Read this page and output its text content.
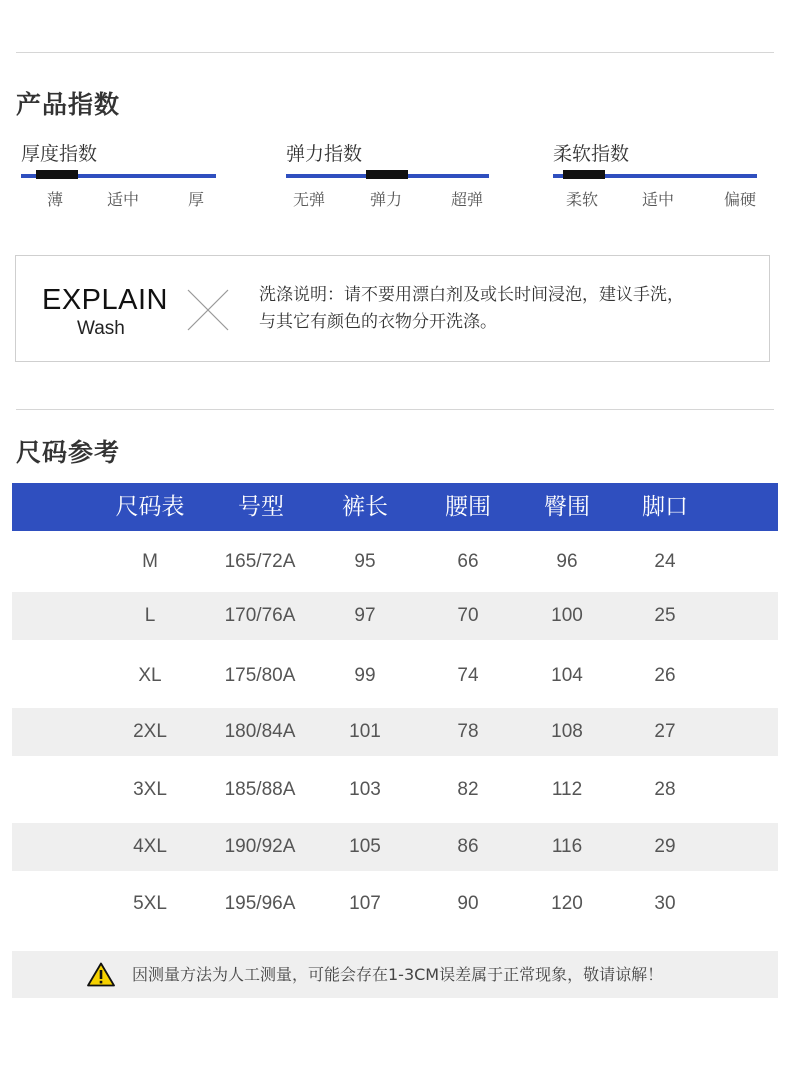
产品指数
厚度指数
薄	适中	厚
弹力指数
无弹	弹力	超弹
柔软指数
柔软	适中	偏硬
EXPLAIN
Wash
洗涤说明：请不要用漂白剂及或长时间浸泡，建议手洗，
与其它有颜色的衣物分开洗涤。
尺码参考
尺码表 号型	裤长 腰围 臀围 脚口
M	165/72A	95	66	96	24
L	170/76A	97	70	100	25
XL	175/80A	99	74	104	26
2XL	180/84A	101	78	108	27
3XL	185/88A	103	82	112	28
4XL	190/92A	105	86	116	29
5XL	195/96A	107	90	120	30
因测量方法为人工测量，可能会存在1-3CM误差属于正常现象，敬请谅解！
